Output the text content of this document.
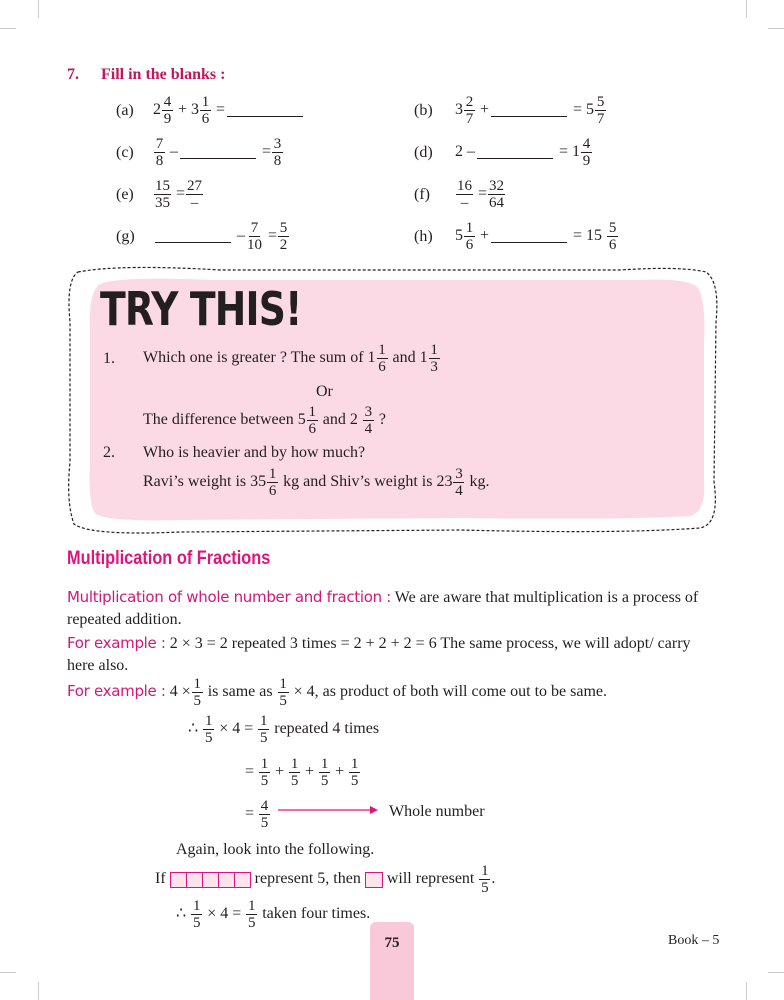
7. Fill in the blanks :
(a) $2 \frac{4}{9} + 3 \frac{1}{6}$ =	(b) $3 \frac{2}{7}$ +	= $5 \frac{5}{7}$
$(c) \frac{7}{8}$ –	= $\frac{3}{8}$	(d) 2 –	= $1 \frac{4}{9}$
$(e) \frac{15}{35} = \frac{27}{-}$	$(f) \frac{16}{-} = \frac{32}{64}$
(g)	– $\frac{7}{10} = \frac{5}{2}$	(h) $5 \frac{1}{6}$ +	= $15 \frac{5}{6}$
TRY THIS!
1. Which one is greater ? The sum of $1 \frac{1}{6}$ and $1 \frac{1}{3}$
Or
The difference between $5 \frac{1}{6}$ and $2 \frac{3}{4}$ ?
2. Who is heavier and by how much?
Ravi’s weight is $35 \frac{1}{6}$ kg and Shiv’s weight is $23 \frac{3}{4}$ kg.
Multiplication of Fractions
Multiplication of whole number and fraction : We are aware that multiplication is a process of repeated addition.
For example : 2 × 3 = 2 repeated 3 times = 2 + 2 + 2 = 6 The same process, we will adopt/ carry here also.
For example : $4 \times \frac{1}{5}$ is same as $\frac{1}{5} \times 4$, as product of both will come out to be same.
∴ $\frac{1}{5} \times 4 = \frac{1}{5}$ repeated 4 times
= $\frac{1}{5} + \frac{1}{5} + \frac{1}{5} + \frac{1}{5}$
= $\frac{4}{5}$	Whole number
Again, look into the following.
If	represent 5, then will represent $\frac{1}{5}$ .
∴ $\frac{1}{5} \times 4 = \frac{1}{5}$ taken four times.
75	Book – 5
